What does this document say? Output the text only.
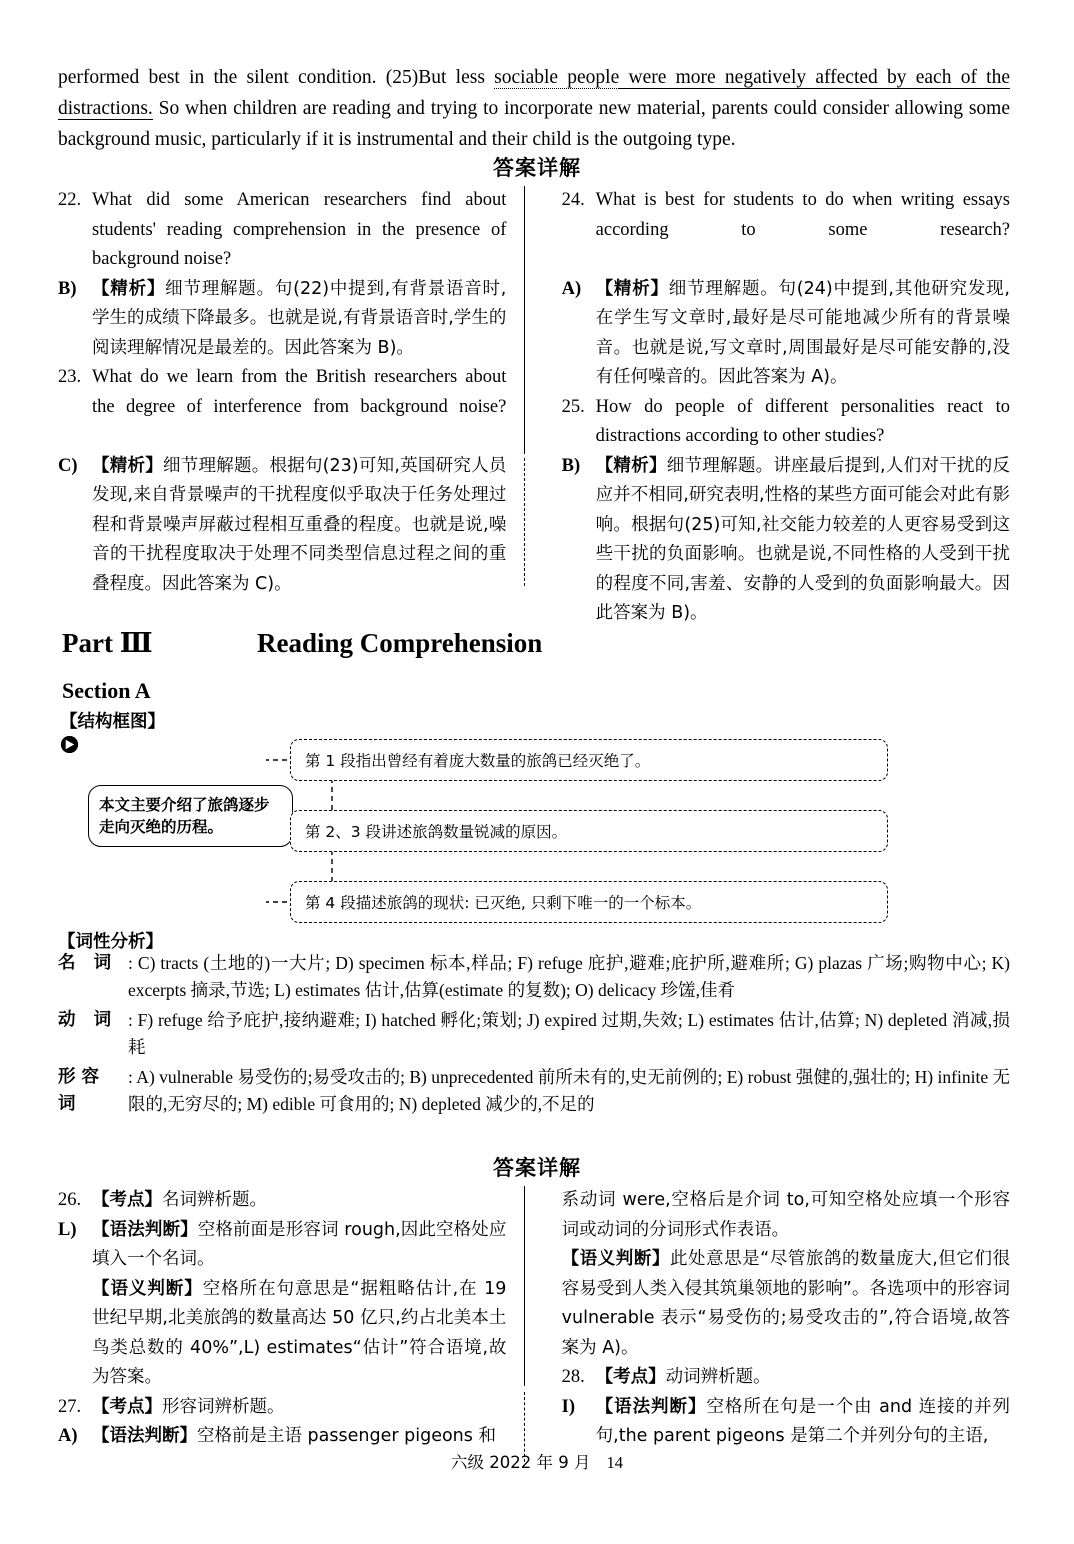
performed best in the silent condition. (25)But less sociable people were more negatively affected by each of the distractions. So when children are reading and trying to incorporate new material, parents could consider allowing some background music, particularly if it is instrumental and their child is the outgoing type.
答案详解
22. What did some American researchers find about students' reading comprehension in the presence of background noise?
B) 【精析】细节理解题。句(22)中提到,有背景语音时,学生的成绩下降最多。也就是说,有背景语音时,学生的阅读理解情况是最差的。因此答案为 B)。
23. What do we learn from the British researchers about the degree of interference from background noise?
C) 【精析】细节理解题。根据句(23)可知,英国研究人员发现,来自背景噪声的干扰程度似乎取决于任务处理过程和背景噪声屏蔽过程相互重叠的程度。也就是说,噪音的干扰程度取决于处理不同类型信息过程之间的重叠程度。因此答案为 C)。
24. What is best for students to do when writing essays according to some research?
A) 【精析】细节理解题。句(24)中提到,其他研究发现,在学生写文章时,最好是尽可能地减少所有的背景噪音。也就是说,写文章时,周围最好是尽可能安静的,没有任何噪音的。因此答案为 A)。
25. How do people of different personalities react to distractions according to other studies?
B) 【精析】细节理解题。讲座最后提到,人们对干扰的反应并不相同,研究表明,性格的某些方面可能会对此有影响。根据句(25)可知,社交能力较差的人更容易受到这些干扰的负面影响。也就是说,不同性格的人受到干扰的程度不同,害羞、安静的人受到的负面影响最大。因此答案为 B)。
Part Ⅲ	Reading Comprehension
Section A
【结构框图】
本文主要介绍了旅鸽逐步走向灭绝的历程。
第 1 段指出曾经有着庞大数量的旅鸽已经灭绝了。
第 2、3 段讲述旅鸽数量锐减的原因。
第 4 段描述旅鸽的现状: 已灭绝, 只剩下唯一的一个标本。
【词性分析】
名 词 : C) tracts (土地的)一大片; D) specimen 标本,样品; F) refuge 庇护,避难;庇护所,避难所; G) plazas 广场;购物中心; K) excerpts 摘录,节选; L) estimates 估计,估算(estimate 的复数); O) delicacy 珍馐,佳肴
动 词 : F) refuge 给予庇护,接纳避难; I) hatched 孵化;策划; J) expired 过期,失效; L) estimates 估计,估算; N) depleted 消减,损耗
形容词
: A) vulnerable 易受伤的;易受攻击的; B) unprecedented 前所未有的,史无前例的; E) robust 强健的,强壮的; H) infinite 无限的,无穷尽的; M) edible 可食用的; N) depleted 减少的,不足的
答案详解
26. 【考点】名词辨析题。
L) 【语法判断】空格前面是形容词 rough,因此空格处应填入一个名词。
【语义判断】空格所在句意思是“据粗略估计,在 19 世纪早期,北美旅鸽的数量高达 50 亿只,约占北美本土鸟类总数的 40%”,L) estimates“估计”符合语境,故为答案。
27. 【考点】形容词辨析题。
A) 【语法判断】空格前是主语 passenger pigeons 和
系动词 were,空格后是介词 to,可知空格处应填一个形容词或动词的分词形式作表语。
【语义判断】此处意思是“尽管旅鸽的数量庞大,但它们很容易受到人类入侵其筑巢领地的影响”。各选项中的形容词 vulnerable 表示“易受伤的;易受攻击的”,符合语境,故答案为 A)。
28. 【考点】动词辨析题。
I)	【语法判断】空格所在句是一个由 and 连接的并列句,the parent pigeons 是第二个并列分句的主语,
六级 2022 年 9 月 14
